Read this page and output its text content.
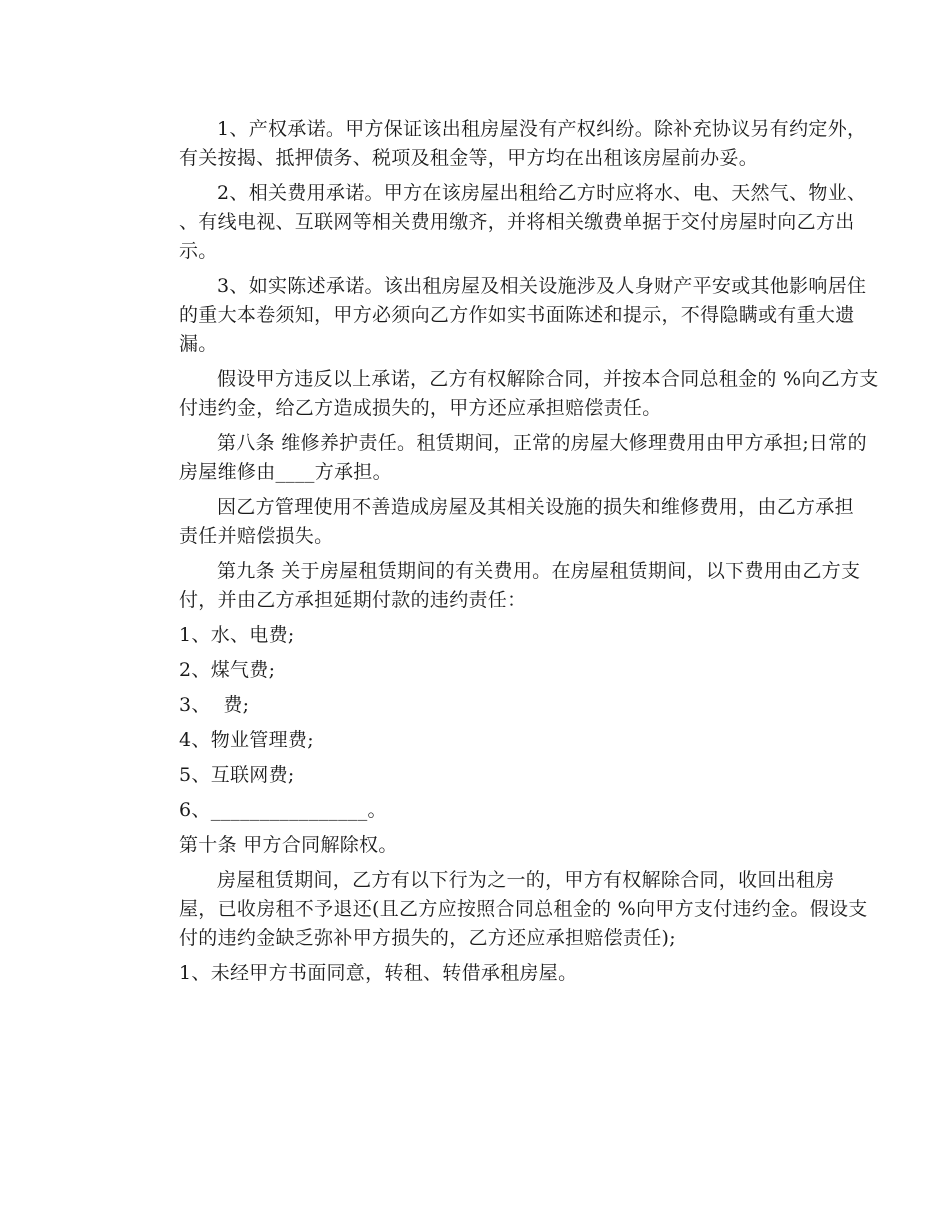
1、产权承诺。甲方保证该出租房屋没有产权纠纷。除补充协议另有约定外，
有关按揭、抵押债务、税项及租金等，甲方均在出租该房屋前办妥。

2、相关费用承诺。甲方在该房屋出租给乙方时应将水、电、天然气、物业、
、有线电视、互联网等相关费用缴齐，并将相关缴费单据于交付房屋时向乙方出
示。

3、如实陈述承诺。该出租房屋及相关设施涉及人身财产平安或其他影响居住
的重大本卷须知，甲方必须向乙方作如实书面陈述和提示，不得隐瞒或有重大遗
漏。

假设甲方违反以上承诺，乙方有权解除合同，并按本合同总租金的 %向乙方支
付违约金，给乙方造成损失的，甲方还应承担赔偿责任。

第八条 维修养护责任。租赁期间，正常的房屋大修理费用由甲方承担;日常的
房屋维修由____方承担。

因乙方管理使用不善造成房屋及其相关设施的损失和维修费用，由乙方承担
责任并赔偿损失。

第九条 关于房屋租赁期间的有关费用。在房屋租赁期间，以下费用由乙方支
付，并由乙方承担延期付款的违约责任：

1、水、电费;

2、煤气费;

3、  费;

4、物业管理费;

5、互联网费;

6、________________。

第十条 甲方合同解除权。

房屋租赁期间，乙方有以下行为之一的，甲方有权解除合同，收回出租房
屋，已收房租不予退还(且乙方应按照合同总租金的 %向甲方支付违约金。假设支
付的违约金缺乏弥补甲方损失的，乙方还应承担赔偿责任);

1、未经甲方书面同意，转租、转借承租房屋。
